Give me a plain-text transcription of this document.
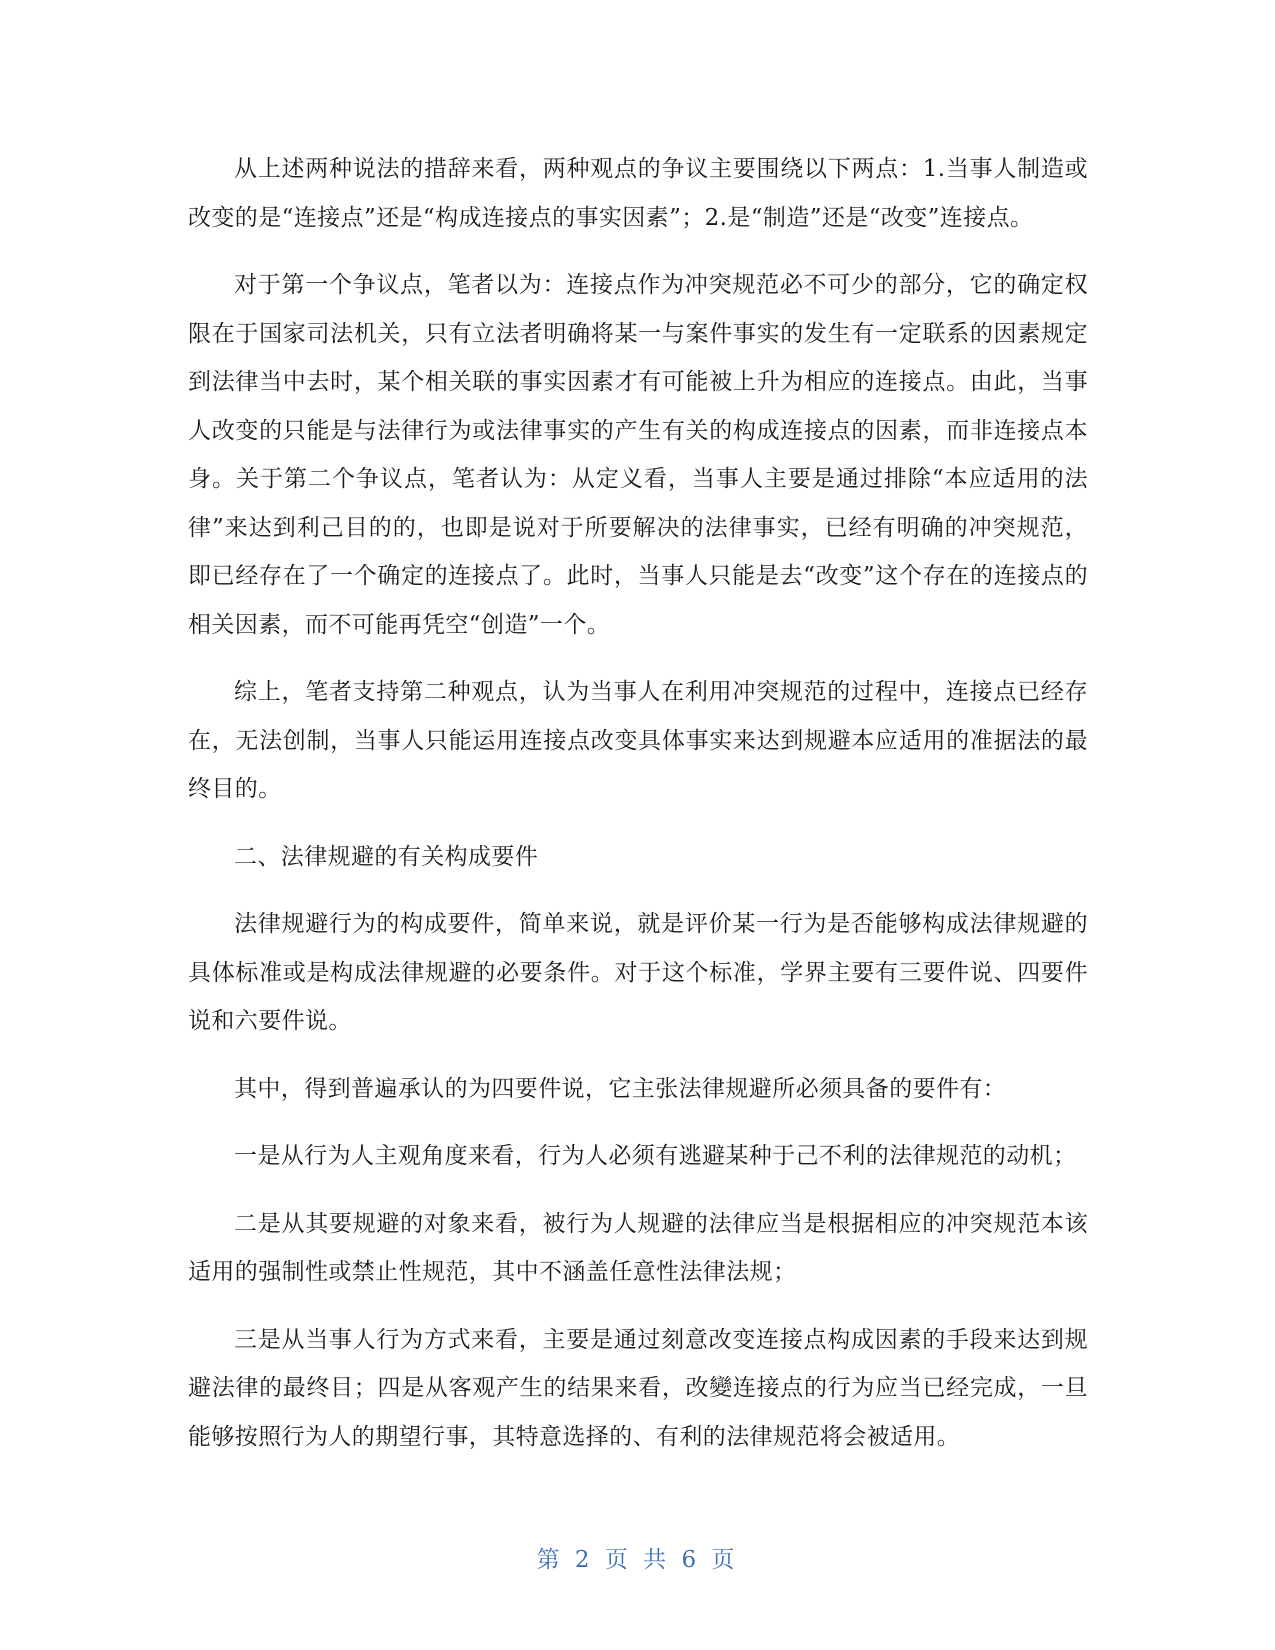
从上述两种说法的措辞来看，两种观点的争议主要围绕以下两点：1.当事人制造或改变的是“连接点”还是“构成连接点的事实因素”；2.是“制造”还是“改变”连接点。

对于第一个争议点，笔者以为：连接点作为冲突规范必不可少的部分，它的确定权限在于国家司法机关，只有立法者明确将某一与案件事实的发生有一定联系的因素规定到法律当中去时，某个相关联的事实因素才有可能被上升为相应的连接点。由此，当事人改变的只能是与法律行为或法律事实的产生有关的构成连接点的因素，而非连接点本身。关于第二个争议点，笔者认为：从定义看，当事人主要是通过排除“本应适用的法律”来达到利己目的的，也即是说对于所要解决的法律事实，已经有明确的冲突规范，即已经存在了一个确定的连接点了。此时，当事人只能是去“改变”这个存在的连接点的相关因素，而不可能再凭空“创造”一个。

综上，笔者支持第二种观点，认为当事人在利用冲突规范的过程中，连接点已经存在，无法创制，当事人只能运用连接点改变具体事实来达到规避本应适用的准据法的最终目的。

二、法律规避的有关构成要件

法律规避行为的构成要件，简单来说，就是评价某一行为是否能够构成法律规避的具体标准或是构成法律规避的必要条件。对于这个标准，学界主要有三要件说、四要件说和六要件说。

其中，得到普遍承认的为四要件说，它主张法律规避所必须具备的要件有：

一是从行为人主观角度来看，行为人必须有逃避某种于己不利的法律规范的动机；

二是从其要规避的对象来看，被行为人规避的法律应当是根据相应的冲突规范本该适用的强制性或禁止性规范，其中不涵盖任意性法律法规；

三是从当事人行为方式来看，主要是通过刻意改变连接点构成因素的手段来达到规避法律的最终目；四是从客观产生的结果来看，改變连接点的行为应当已经完成，一旦能够按照行为人的期望行事，其特意选择的、有利的法律规范将会被适用。

第 2 页 共 6 页
